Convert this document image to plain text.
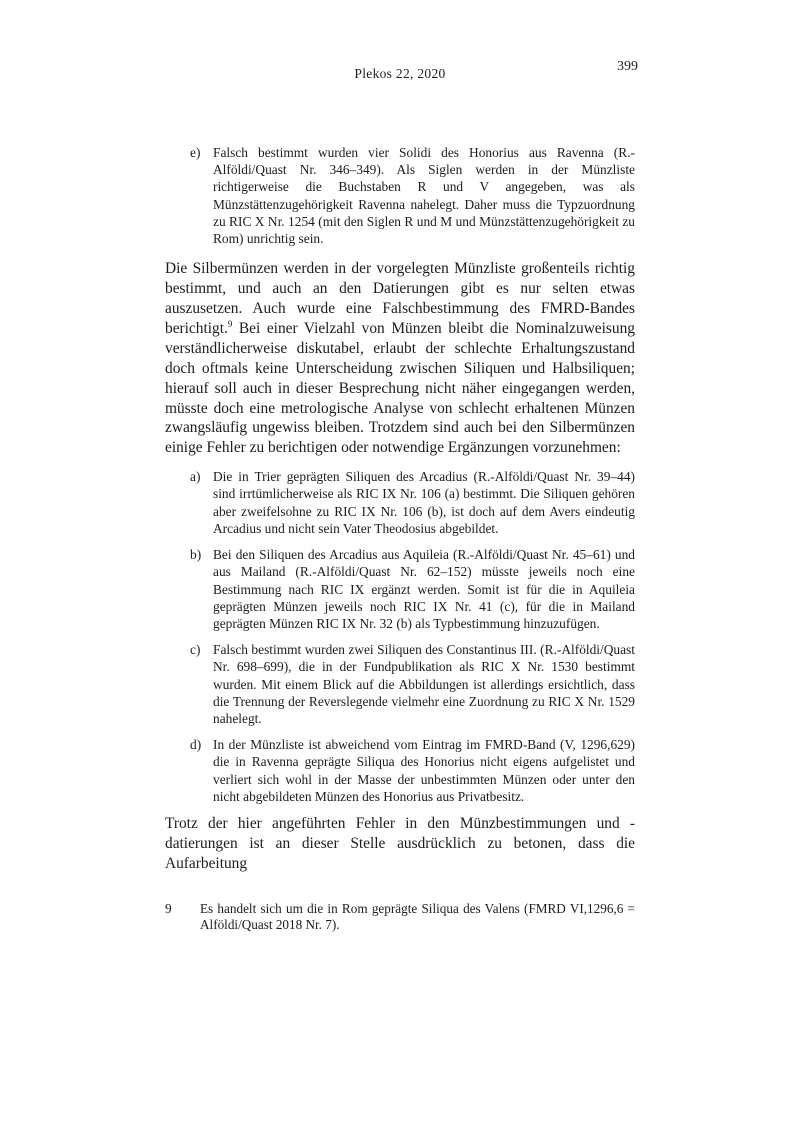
Plekos 22, 2020	399
e) Falsch bestimmt wurden vier Solidi des Honorius aus Ravenna (R.-Alföldi/Quast Nr. 346–349). Als Siglen werden in der Münzliste richtigerweise die Buchstaben R und V angegeben, was als Münzstättenzugehörigkeit Ravenna nahelegt. Daher muss die Typzuordnung zu RIC X Nr. 1254 (mit den Siglen R und M und Münzstättenzugehörigkeit zu Rom) unrichtig sein.

Die Silbermünzen werden in der vorgelegten Münzliste großenteils richtig bestimmt, und auch an den Datierungen gibt es nur selten etwas auszusetzen. Auch wurde eine Falschbestimmung des FMRD-Bandes berichtigt.$^9$ Bei einer Vielzahl von Münzen bleibt die Nominalzuweisung verständlicherweise diskutabel, erlaubt der schlechte Erhaltungszustand doch oftmals keine Unterscheidung zwischen Siliquen und Halbsiliquen; hierauf soll auch in dieser Besprechung nicht näher eingegangen werden, müsste doch eine metrologische Analyse von schlecht erhaltenen Münzen zwangsläufig ungewiss bleiben. Trotzdem sind auch bei den Silbermünzen einige Fehler zu berichtigen oder notwendige Ergänzungen vorzunehmen:

a) Die in Trier geprägten Siliquen des Arcadius (R.-Alföldi/Quast Nr. 39–44) sind irrtümlicherweise als RIC IX Nr. 106 (a) bestimmt. Die Siliquen gehören aber zweifelsohne zu RIC IX Nr. 106 (b), ist doch auf dem Avers eindeutig Arcadius und nicht sein Vater Theodosius abgebildet.
b) Bei den Siliquen des Arcadius aus Aquileia (R.-Alföldi/Quast Nr. 45–61) und aus Mailand (R.-Alföldi/Quast Nr. 62–152) müsste jeweils noch eine Bestimmung nach RIC IX ergänzt werden. Somit ist für die in Aquileia geprägten Münzen jeweils noch RIC IX Nr. 41 (c), für die in Mailand geprägten Münzen RIC IX Nr. 32 (b) als Typbestimmung hinzuzufügen.
c) Falsch bestimmt wurden zwei Siliquen des Constantinus III. (R.-Alföldi/Quast Nr. 698–699), die in der Fundpublikation als RIC X Nr. 1530 bestimmt wurden. Mit einem Blick auf die Abbildungen ist allerdings ersichtlich, dass die Trennung der Reverslegende vielmehr eine Zuordnung zu RIC X Nr. 1529 nahelegt.
d) In der Münzliste ist abweichend vom Eintrag im FMRD-Band (V, 1296,629) die in Ravenna geprägte Siliqua des Honorius nicht eigens aufgelistet und verliert sich wohl in der Masse der unbestimmten Münzen oder unter den nicht abgebildeten Münzen des Honorius aus Privatbesitz.

Trotz der hier angeführten Fehler in den Münzbestimmungen und -datierungen ist an dieser Stelle ausdrücklich zu betonen, dass die Aufarbeitung

9	Es handelt sich um die in Rom geprägte Siliqua des Valens (FMRD VI,1296,6 = Alföldi/Quast 2018 Nr. 7).
